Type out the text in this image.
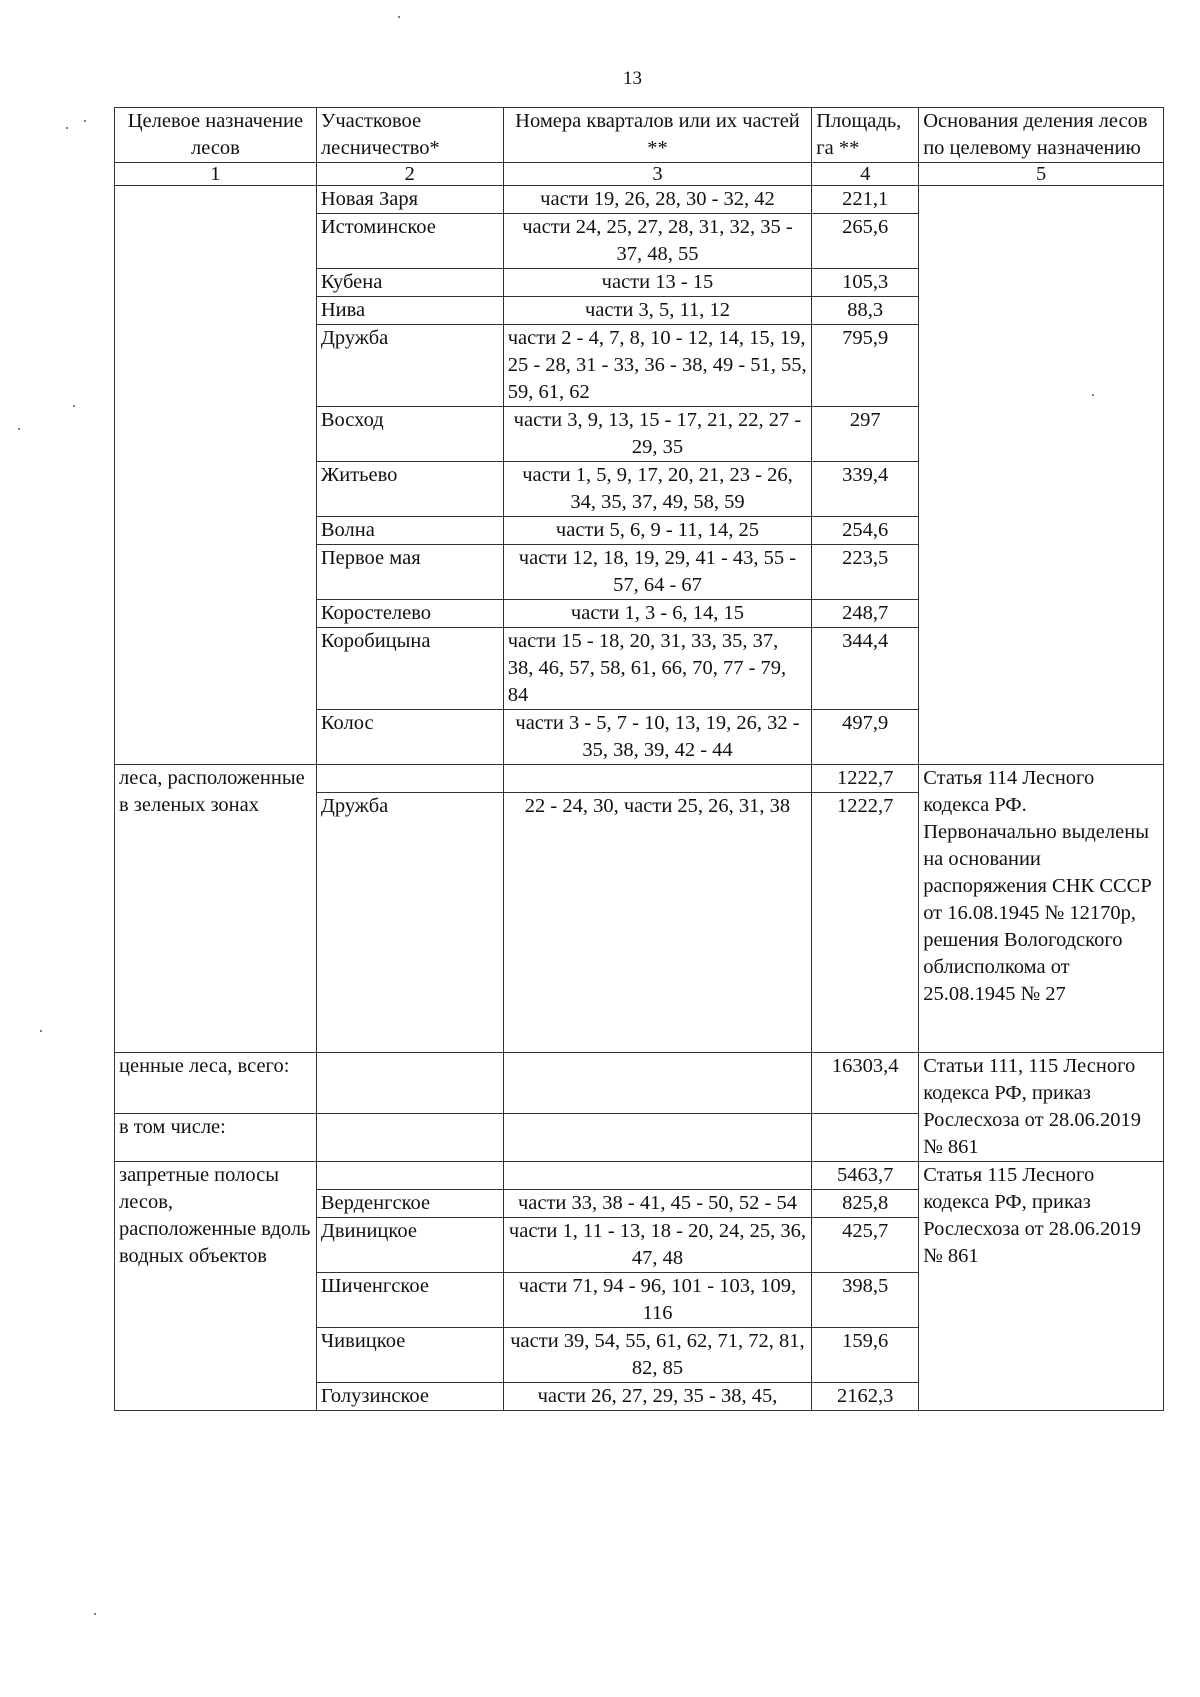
13
Целевое назначение лесов	Участковое лесничество*	Номера кварталов или их частей **	Площадь, га **	Основания деления лесов по целевому назначению
1	2	3	4	5
	Новая Заря	части 19, 26, 28, 30 - 32, 42	221,1	
	Истоминское	части 24, 25, 27, 28, 31, 32, 35 - 37, 48, 55	265,6	
	Кубена	части 13 - 15	105,3	
	Нива	части 3, 5, 11, 12	88,3	
	Дружба	части 2 - 4, 7, 8, 10 - 12, 14, 15, 19, 25 - 28, 31 - 33, 36 - 38, 49 - 51, 55, 59, 61, 62	795,9	
	Восход	части 3, 9, 13, 15 - 17, 21, 22, 27 - 29, 35	297	
	Житьево	части 1, 5, 9, 17, 20, 21, 23 - 26, 34, 35, 37, 49, 58, 59	339,4	
	Волна	части 5, 6, 9 - 11, 14, 25	254,6	
	Первое мая	части 12, 18, 19, 29, 41 - 43, 55 - 57, 64 - 67	223,5	
	Коростелево	части 1, 3 - 6, 14, 15	248,7	
	Коробицына	части 15 - 18, 20, 31, 33, 35, 37, 38, 46, 57, 58, 61, 66, 70, 77 - 79, 84	344,4	
	Колос	части 3 - 5, 7 - 10, 13, 19, 26, 32 - 35, 38, 39, 42 - 44	497,9	
леса, расположенные в зеленых зонах			1222,7	Статья 114 Лесного кодекса РФ. Первоначально выделены на основании распоряжения СНК СССР от 16.08.1945 № 12170р, решения Вологодского облисполкома от 25.08.1945 № 27
	Дружба	22 - 24, 30, части 25, 26, 31, 38	1222,7	
ценные леса, всего:			16303,4	Статьи 111, 115 Лесного кодекса РФ, приказ Рослесхоза от 28.06.2019 № 861
в том числе:				
запретные полосы лесов, расположенные вдоль водных объектов			5463,7	Статья 115 Лесного кодекса РФ, приказ Рослесхоза от 28.06.2019 № 861
	Верденгское	части 33, 38 - 41, 45 - 50, 52 - 54	825,8	
	Двиницкое	части 1, 11 - 13, 18 - 20, 24, 25, 36, 47, 48	425,7	
	Шиченгское	части 71, 94 - 96, 101 - 103, 109, 116	398,5	
	Чивицкое	части 39, 54, 55, 61, 62, 71, 72, 81, 82, 85	159,6	
	Голузинское	части 26, 27, 29, 35 - 38, 45,	2162,3	
